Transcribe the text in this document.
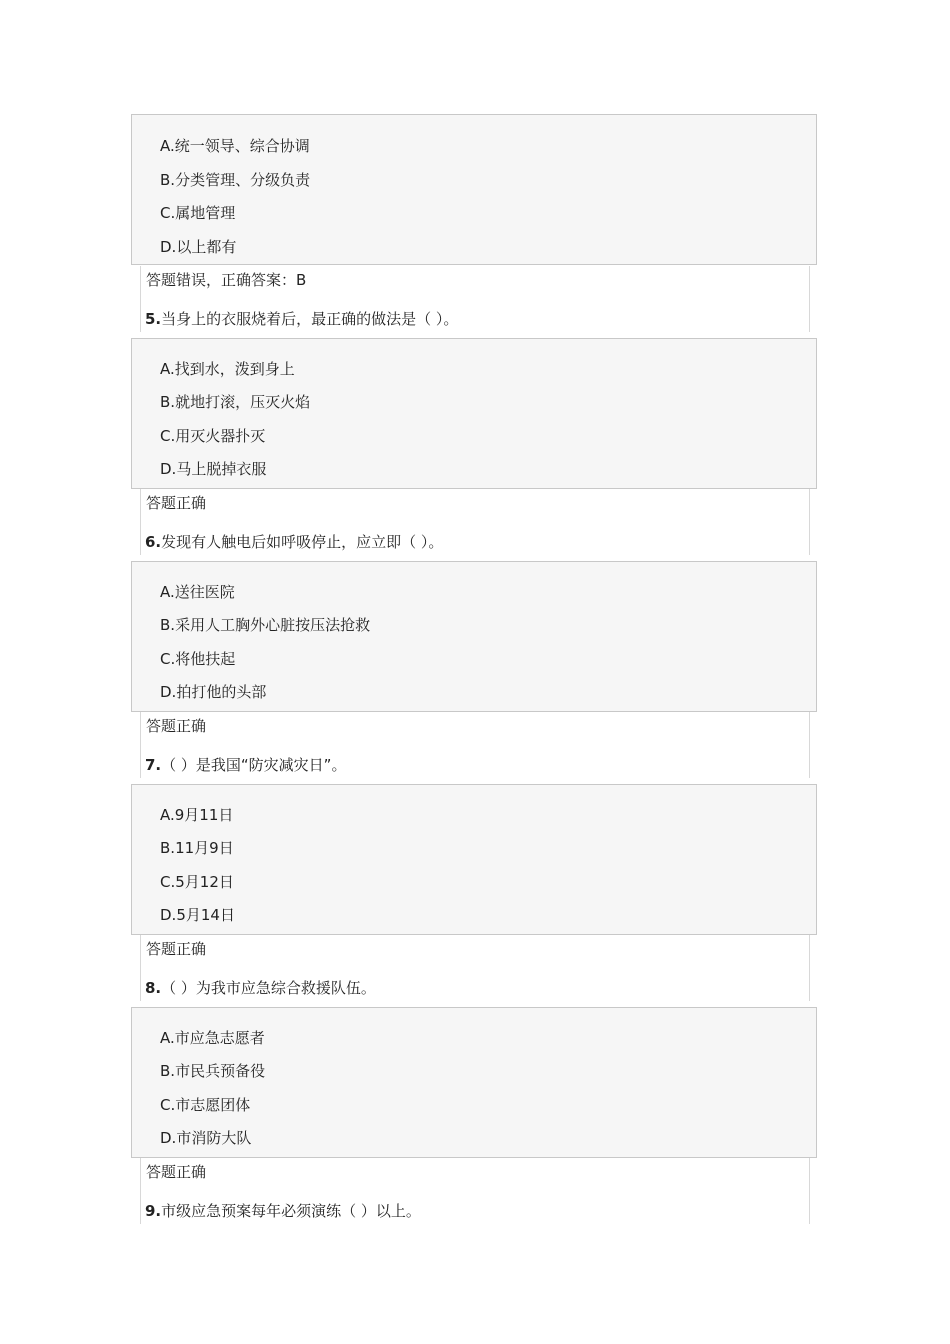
A.统一领导、综合协调
B.分类管理、分级负责
C.属地管理
D.以上都有
答题错误，正确答案：B
5.当身上的衣服烧着后，最正确的做法是（ ）。
A.找到水，泼到身上
B.就地打滚，压灭火焰
C.用灭火器扑灭
D.马上脱掉衣服
答题正确
6.发现有人触电后如呼吸停止，应立即（ ）。
A.送往医院
B.采用人工胸外心脏按压法抢救
C.将他扶起
D.拍打他的头部
答题正确
7.（ ）是我国“防灾减灾日”。
A.9月11日
B.11月9日
C.5月12日
D.5月14日
答题正确
8.（ ）为我市应急综合救援队伍。
A.市应急志愿者
B.市民兵预备役
C.市志愿团体
D.市消防大队
答题正确
9.市级应急预案每年必须演练（ ）以上。
